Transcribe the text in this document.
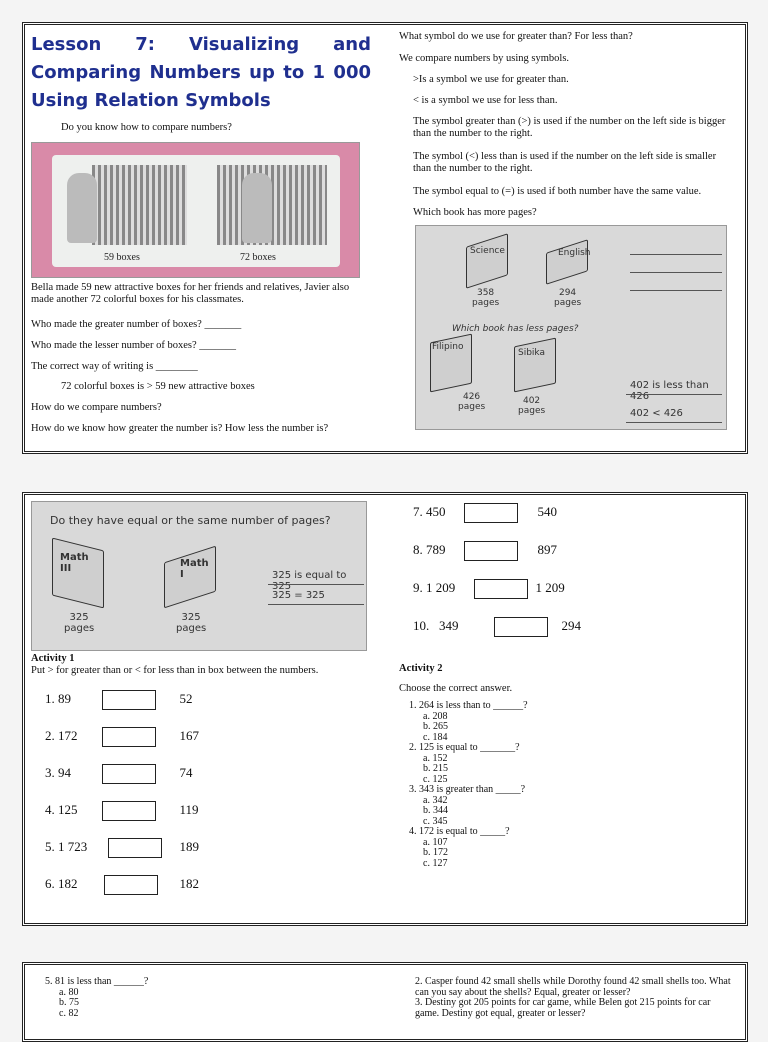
Lesson 7: Visualizing and Comparing Numbers up to 1 000 Using Relation Symbols
Do you know how to compare numbers?
59 boxes	72 boxes
Bella made 59 new attractive boxes for her friends and relatives, Javier also made another 72 colorful boxes for his classmates.
Who made the greater number of boxes? _______
Who made the lesser number of boxes? _______
The correct way of writing is ________
72 colorful boxes is > 59 new attractive boxes
How do we compare numbers?
How do we know how greater the number is? How less the number is?
What symbol do we use for greater than? For less than?
We compare numbers by using symbols.
>Is a symbol we use for greater than.
< is a symbol we use for less than.
The symbol greater than (>) is used if the number on the left side is bigger than the number to the right.
The symbol (<) less than is used if the number on the left side is smaller than the number to the right.
The symbol equal to (=) is used if both number have the same value.
Which book has more pages?
Science
358
pages
English
294
pages
Which book has less pages?
Filipino
426
pages
Sibika
402
pages
402 is less than 426
402 < 426
Do they have equal or the same number of pages?
Math
III
325
pages
Math
I
325
pages
325 is equal to 325
325 = 325
Activity 1
Put > for greater than or < for less than in box between the numbers.
1. 89	52
2. 172	167
3. 94	74
4. 125	119
5. 1 723	189
6. 182	182
7. 450	540
8. 789	897
9. 1 209	1 209
10.   349	294
Activity 2
Choose the correct answer.
1. 264 is less than to ______?
a. 208
b. 265
c. 184
2. 125 is equal to _______?
a. 152
b. 215
c. 125
3. 343 is greater than _____?
a. 342
b. 344
c. 345
4. 172 is equal to _____?
a. 107
b. 172
c. 127
5. 81 is less than ______?
a. 80
b. 75
c. 82
2. Casper found 42 small shells while Dorothy found 42 small shells too. What can you say about the shells? Equal, greater or lesser?
3. Destiny got 205 points for car game, while Belen got 215 points for car game. Destiny got equal, greater or lesser?
